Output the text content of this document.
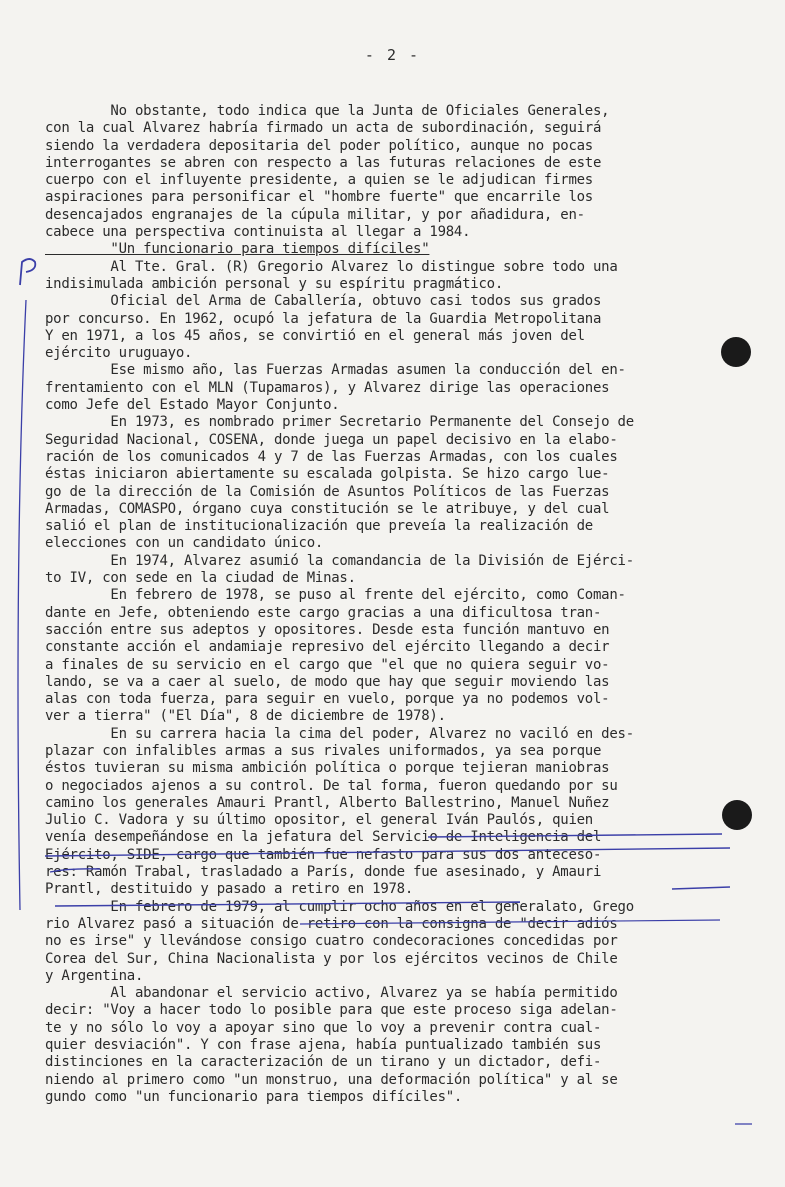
- 2 -
No obstante, todo indica que la Junta de Oficiales Generales,
con la cual Alvarez habría firmado un acta de subordinación, seguirá
siendo la verdadera depositaria del poder político, aunque no pocas
interrogantes se abren con respecto a las futuras relaciones de este
cuerpo con el influyente presidente, a quien se le adjudican firmes
aspiraciones para personificar el "hombre fuerte" que encarrile los
desencajados engranajes de la cúpula militar, y por añadidura, en-
cabece una perspectiva continuista al llegar a 1984.
"Un funcionario para tiempos difíciles"
Al Tte. Gral. (R) Gregorio Alvarez lo distingue sobre todo una
indisimulada ambición personal y su espíritu pragmático.
Oficial del Arma de Caballería, obtuvo casi todos sus grados
por concurso. En 1962, ocupó la jefatura de la Guardia Metropolitana
Y en 1971, a los 45 años, se convirtió en el general más joven del
ejército uruguayo.
Ese mismo año, las Fuerzas Armadas asumen la conducción del en-
frentamiento con el MLN (Tupamaros), y Alvarez dirige las operaciones
como Jefe del Estado Mayor Conjunto.
En 1973, es nombrado primer Secretario Permanente del Consejo de
Seguridad Nacional, COSENA, donde juega un papel decisivo en la elabo-
ración de los comunicados 4 y 7 de las Fuerzas Armadas, con los cuales
éstas iniciaron abiertamente su escalada golpista. Se hizo cargo lue-
go de la dirección de la Comisión de Asuntos Políticos de las Fuerzas
Armadas, COMASPO, órgano cuya constitución se le atribuye, y del cual
salió el plan de institucionalización que preveía la realización de
elecciones con un candidato único.
En 1974, Alvarez asumió la comandancia de la División de Ejérci-
to IV, con sede en la ciudad de Minas.
En febrero de 1978, se puso al frente del ejército, como Coman-
dante en Jefe, obteniendo este cargo gracias a una dificultosa tran-
sacción entre sus adeptos y opositores. Desde esta función mantuvo en
constante acción el andamiaje represivo del ejército llegando a decir
a finales de su servicio en el cargo que "el que no quiera seguir vo-
lando, se va a caer al suelo, de modo que hay que seguir moviendo las
alas con toda fuerza, para seguir en vuelo, porque ya no podemos vol-
ver a tierra" ("El Día", 8 de diciembre de 1978).
En su carrera hacia la cima del poder, Alvarez no vaciló en des-
plazar con infalibles armas a sus rivales uniformados, ya sea porque
éstos tuvieran su misma ambición política o porque tejieran maniobras
o negociados ajenos a su control. De tal forma, fueron quedando por su
camino los generales Amauri Prantl, Alberto Ballestrino, Manuel Nuñez
Julio C. Vadora y su último opositor, el general Iván Paulós, quien
venía desempeñándose en la jefatura del Servicio de Inteligencia del
Ejército, SIDE, cargo que también fue nefasto para sus dos anteceso-
res: Ramón Trabal, trasladado a París, donde fue asesinado, y Amauri
Prantl, destituido y pasado a retiro en 1978.
En febrero de 1979, al cumplir ocho años en el generalato, Grego
rio Alvarez pasó a situación de retiro con la consigna de "decir adiós
no es irse" y llevándose consigo cuatro condecoraciones concedidas por
Corea del Sur, China Nacionalista y por los ejércitos vecinos de Chile
y Argentina.
Al abandonar el servicio activo, Alvarez ya se había permitido
decir: "Voy a hacer todo lo posible para que este proceso siga adelan-
te y no sólo lo voy a apoyar sino que lo voy a prevenir contra cual-
quier desviación". Y con frase ajena, había puntualizado también sus
distinciones en la caracterización de un tirano y un dictador, defi-
niendo al primero como "un monstruo, una deformación política" y al se
gundo como "un funcionario para tiempos difíciles".
